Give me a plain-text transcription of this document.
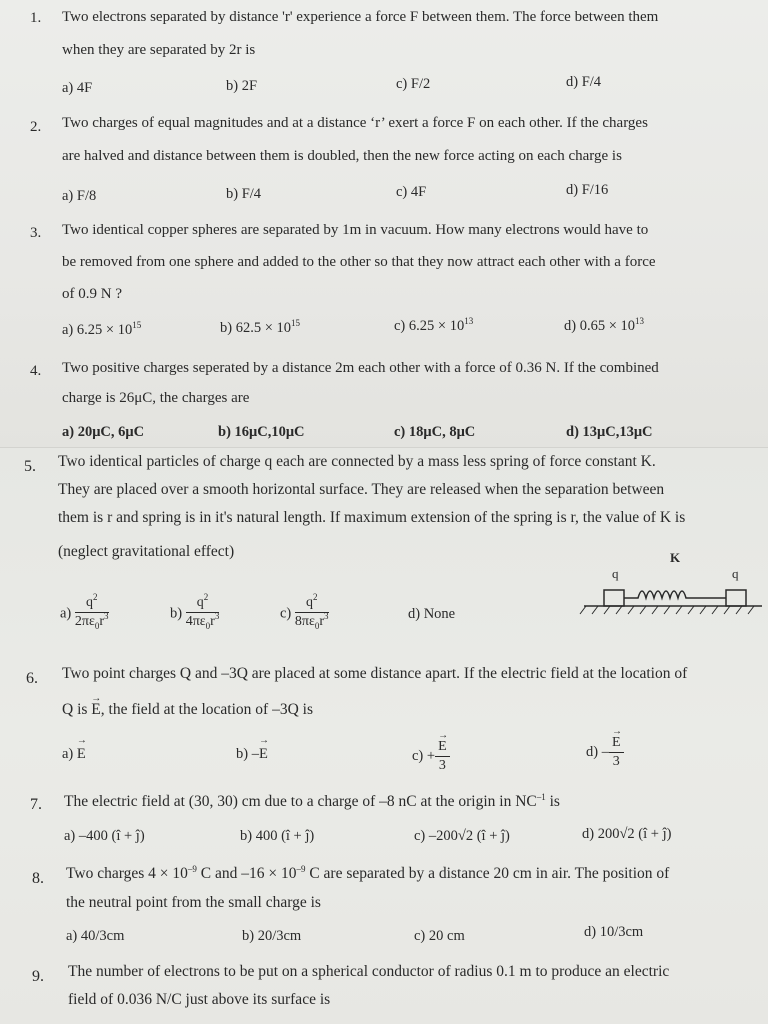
1. Two electrons separated by distance 'r' experience a force F between them. The force between them
when they are separated by 2r is
a) 4F	b) 2F	c) F/2	d) F/4
2. Two charges of equal magnitudes and at a distance ‘r’ exert a force F on each other. If the charges
are halved and distance between them is doubled, then the new force acting on each charge is
a) F/8	b) F/4	c) 4F	d) F/16
3. Two identical copper spheres are separated by 1m in vacuum. How many electrons would have to
be removed from one sphere and added to the other so that they now attract each other with a force
of 0.9 N ?
a) $6.25 \times 10^{15}$	b) $62.5 \times 10^{15}$	c) $6.25 \times 10^{13}$	d) $0.65 \times 10^{13}$
4. Two positive charges seperated by a distance 2m each other with a force of 0.36 N. If the combined
charge is 26μC, the charges are
a) 20μC, 6μC	b) 16μC,10μC	c) 18μC, 8μC	d) 13μC,13μC
5. Two identical particles of charge q each are connected by a mass less spring of force constant K.
They are placed over a smooth horizontal surface. They are released when the separation between
them is r and spring is in it's natural length. If maximum extension of the spring is r, the value of K is
(neglect gravitational effect)
$a) \frac{q^2}{2\pi\varepsilon_0r^3}$	$b) \frac{q^2}{4\pi\varepsilon_0r^3}$	$c) \frac{q^2}{8\pi\varepsilon_0r^3}$	d) None
K
q	q
6. Two point charges Q and –3Q are placed at some distance apart. If the electric field at the location of
Q is → E, the field at the location of –3Q is
a) → E	b) –→ E	c) + → $\frac{E}{3}$	d) – → $\frac{E}{3}$
7. The electric field at (30, 30) cm due to a charge of –8 nC at the origin in $NC^{-1}$ is
a) –400 (î + ĵ)	b) 400 (î + ĵ)	c) –200√2 (î + ĵ)	d) 200√2 (î + ĵ)
8. Two charges $4 \times 10^{-9}$ C and $-16 \times 10^{-9}$ C are separated by a distance 20 cm in air. The position of
the neutral point from the small charge is
a) 40/3cm	b) 20/3cm	c) 20 cm	d) 10/3cm
9. The number of electrons to be put on a spherical conductor of radius 0.1 m to produce an electric
field of 0.036 N/C just above its surface is
